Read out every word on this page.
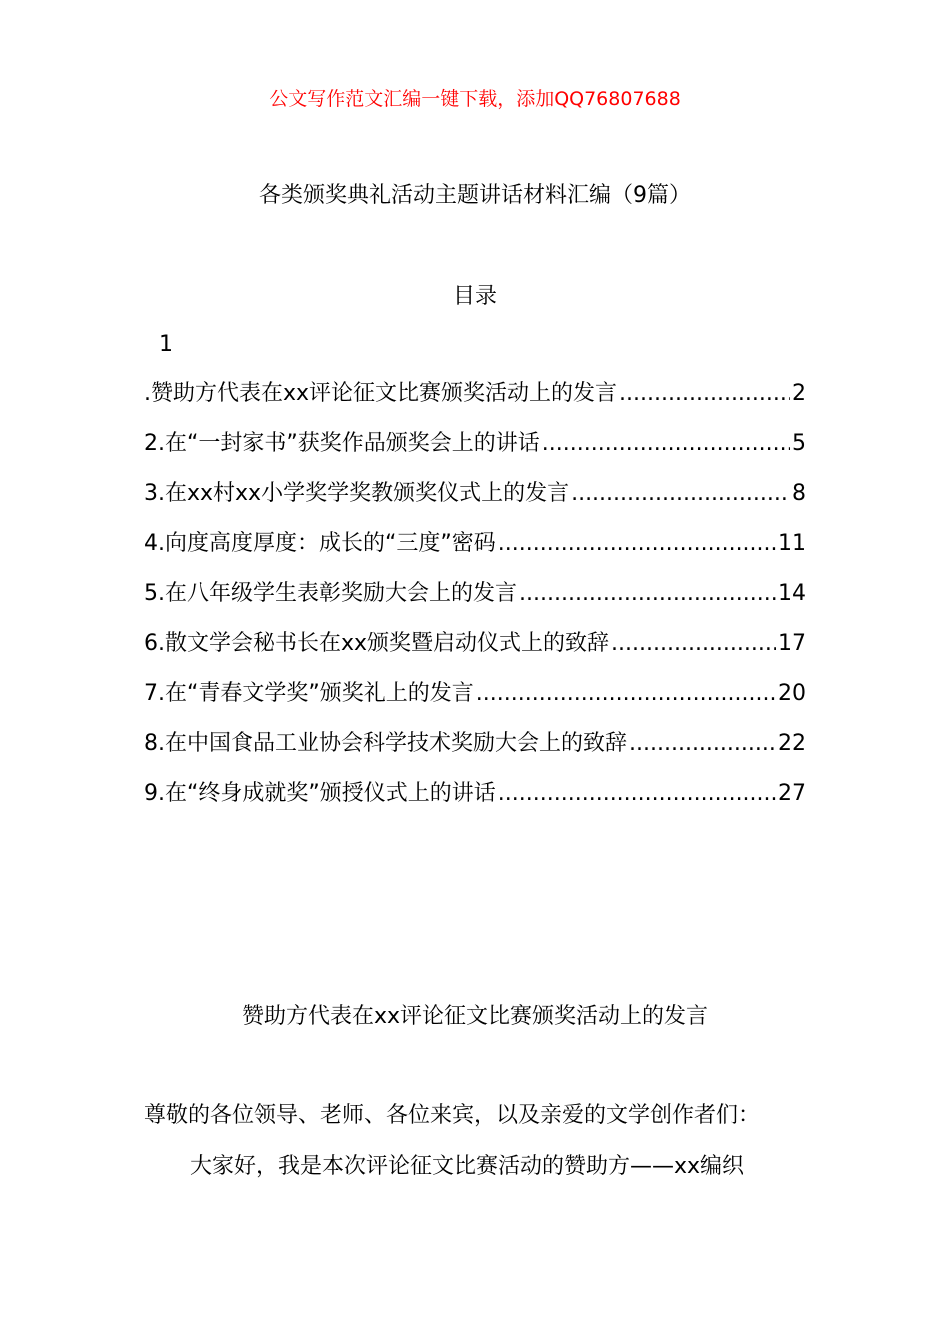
公文写作范文汇编一键下载，添加QQ76807688
各类颁奖典礼活动主题讲话材料汇编（9篇）
目录
1
.赞助方代表在xx评论征文比赛颁奖活动上的发言 .....	2
2.在“一封家书”获奖作品颁奖会上的讲话 .....	5
3.在xx村xx小学奖学奖教颁奖仪式上的发言 .....	8
4.向度高度厚度：成长的“三度”密码 .....	11
5.在八年级学生表彰奖励大会上的发言 .....	14
6.散文学会秘书长在xx颁奖暨启动仪式上的致辞 .....	17
7.在“青春文学奖”颁奖礼上的发言 .....	20
8.在中国食品工业协会科学技术奖励大会上的致辞 .....	22
9.在“终身成就奖”颁授仪式上的讲话 .....	27
赞助方代表在xx评论征文比赛颁奖活动上的发言
尊敬的各位领导、老师、各位来宾，以及亲爱的文学创作者们：
大家好，我是本次评论征文比赛活动的赞助方——xx编织
